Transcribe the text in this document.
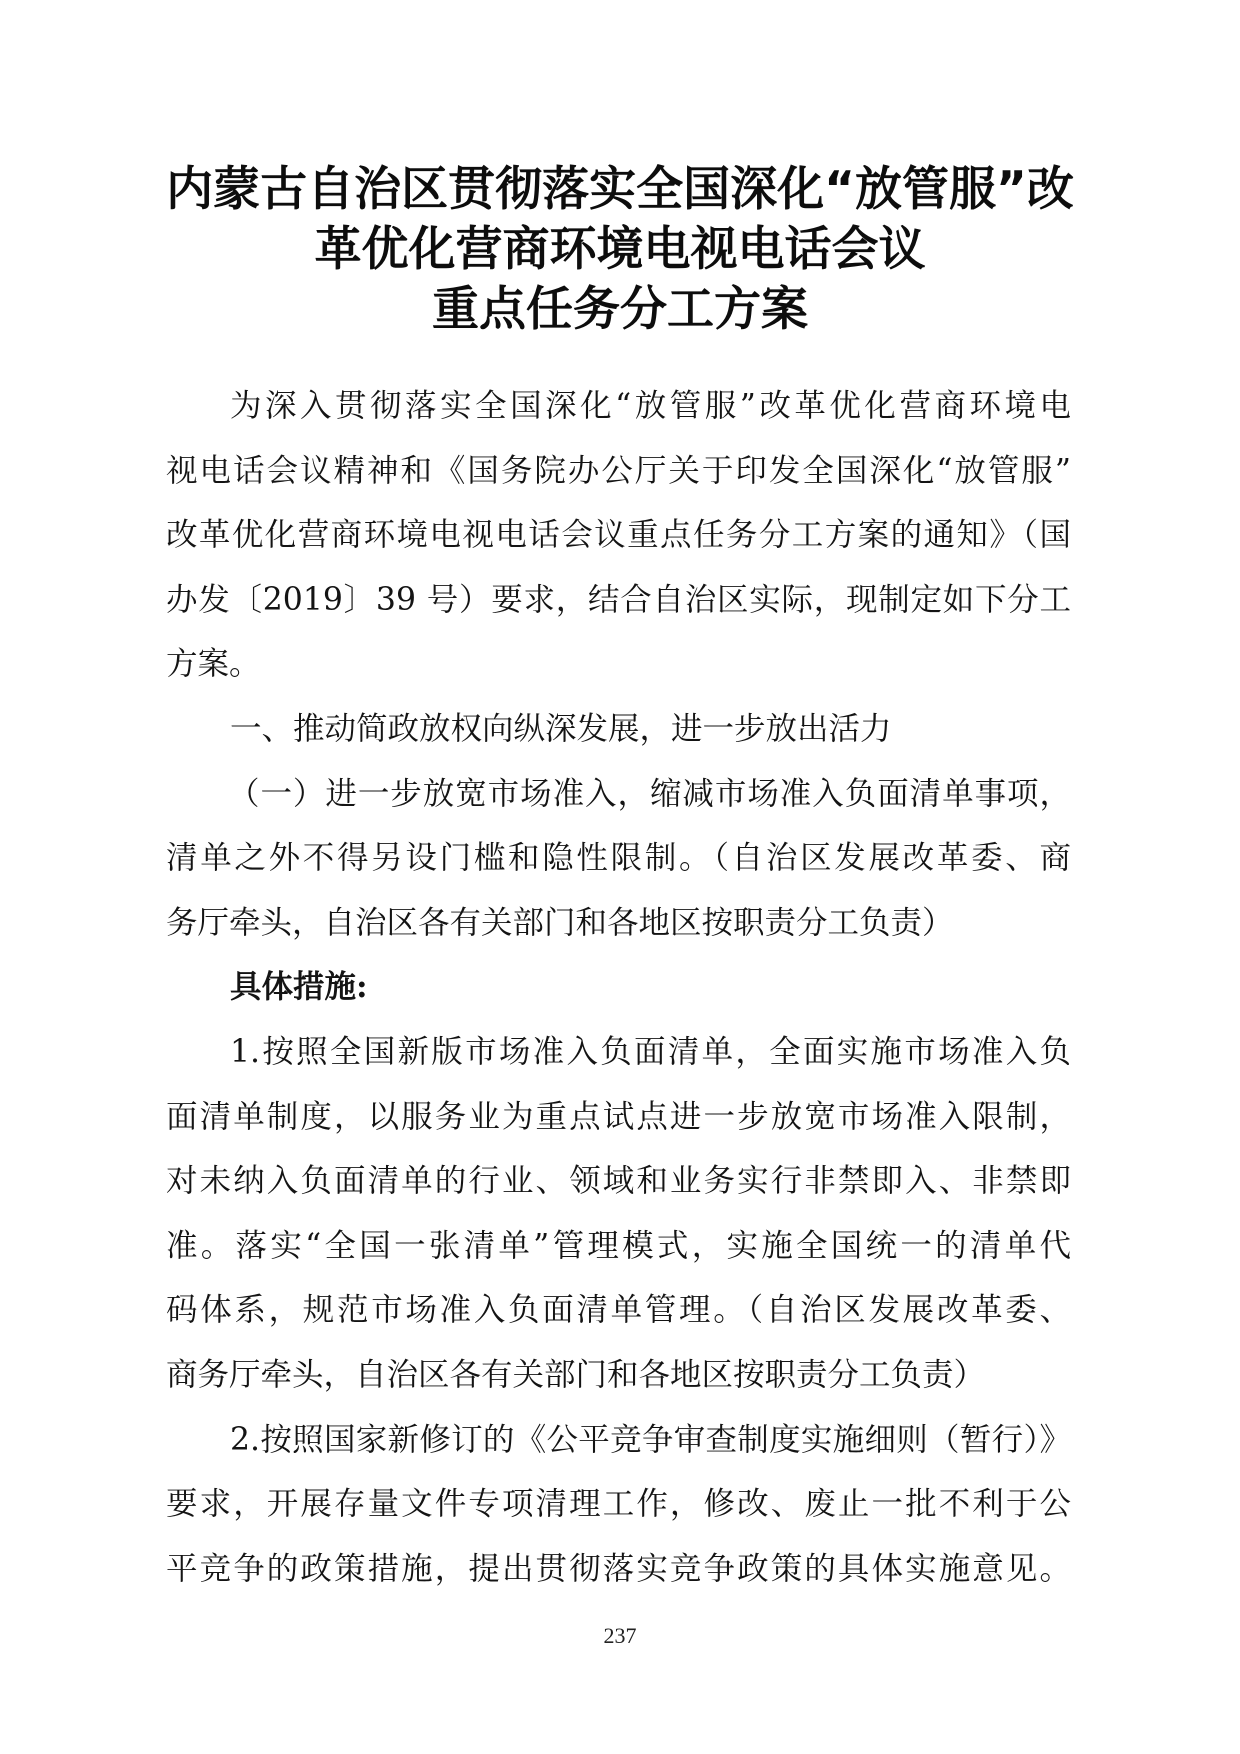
内蒙古自治区贯彻落实全国深化“放管服”改
革优化营商环境电视电话会议
重点任务分工方案
为深入贯彻落实全国深化“放管服”改革优化营商环境电
视电话会议精神和《国务院办公厅关于印发全国深化“放管服”
改革优化营商环境电视电话会议重点任务分工方案的通知》（国
办发〔2019〕39 号）要求，结合自治区实际，现制定如下分工
方案。
一、推动简政放权向纵深发展，进一步放出活力
（一）进一步放宽市场准入，缩减市场准入负面清单事项，
清单之外不得另设门槛和隐性限制。（自治区发展改革委、商
务厅牵头，自治区各有关部门和各地区按职责分工负责）
具体措施:
1.按照全国新版市场准入负面清单，全面实施市场准入负
面清单制度，以服务业为重点试点进一步放宽市场准入限制，
对未纳入负面清单的行业、领域和业务实行非禁即入、非禁即
准。落实“全国一张清单”管理模式，实施全国统一的清单代
码体系，规范市场准入负面清单管理。（自治区发展改革委、
商务厅牵头，自治区各有关部门和各地区按职责分工负责）
2.按照国家新修订的《公平竞争审查制度实施细则（暂行）》
要求，开展存量文件专项清理工作，修改、废止一批不利于公
平竞争的政策措施，提出贯彻落实竞争政策的具体实施意见。
237
